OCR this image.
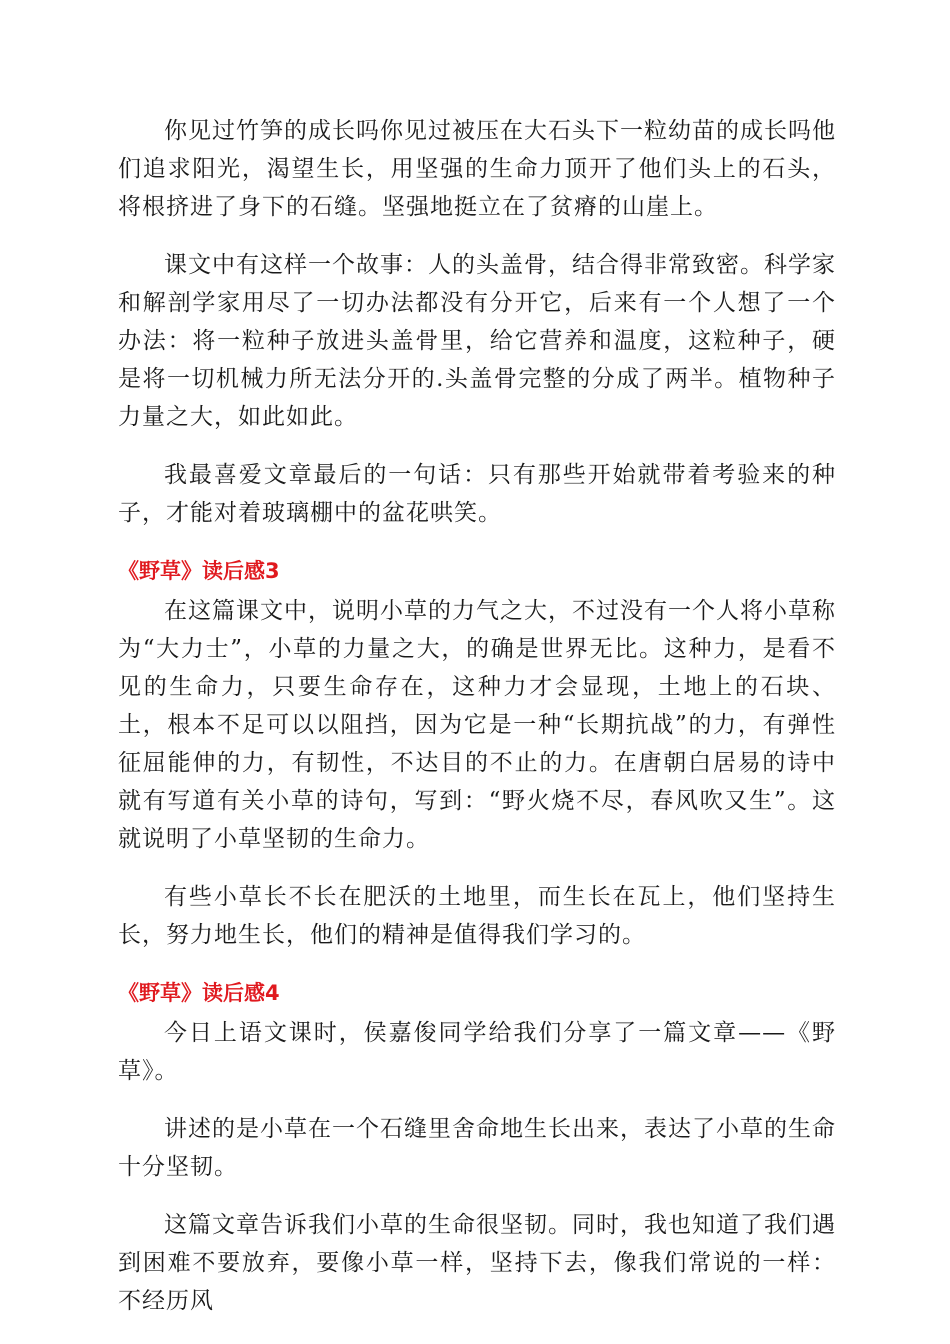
你见过竹笋的成长吗你见过被压在大石头下一粒幼苗的成长吗他们追求阳光，渴望生长，用坚强的生命力顶开了他们头上的石头，将根挤进了身下的石缝。坚强地挺立在了贫瘠的山崖上。

课文中有这样一个故事：人的头盖骨，结合得非常致密。科学家和解剖学家用尽了一切办法都没有分开它，后来有一个人想了一个办法：将一粒种子放进头盖骨里，给它营养和温度，这粒种子，硬是将一切机械力所无法分开的.头盖骨完整的分成了两半。植物种子力量之大，如此如此。

我最喜爱文章最后的一句话：只有那些开始就带着考验来的种子，才能对着玻璃棚中的盆花哄笑。

《野草》读后感3

在这篇课文中，说明小草的力气之大，不过没有一个人将小草称为“大力士”，小草的力量之大，的确是世界无比。这种力，是看不见的生命力，只要生命存在，这种力才会显现，土地上的石块、土，根本不足可以以阻挡，因为它是一种“长期抗战”的力，有弹性征屈能伸的力，有韧性，不达目的不止的力。在唐朝白居易的诗中就有写道有关小草的诗句，写到：“野火烧不尽，春风吹又生”。这就说明了小草坚韧的生命力。

有些小草长不长在肥沃的土地里，而生长在瓦上，他们坚持生长，努力地生长，他们的精神是值得我们学习的。

《野草》读后感4

今日上语文课时，侯嘉俊同学给我们分享了一篇文章——《野草》。

讲述的是小草在一个石缝里舍命地生长出来，表达了小草的生命十分坚韧。

这篇文章告诉我们小草的生命很坚韧。同时，我也知道了我们遇到困难不要放弃，要像小草一样，坚持下去，像我们常说的一样：不经历风
